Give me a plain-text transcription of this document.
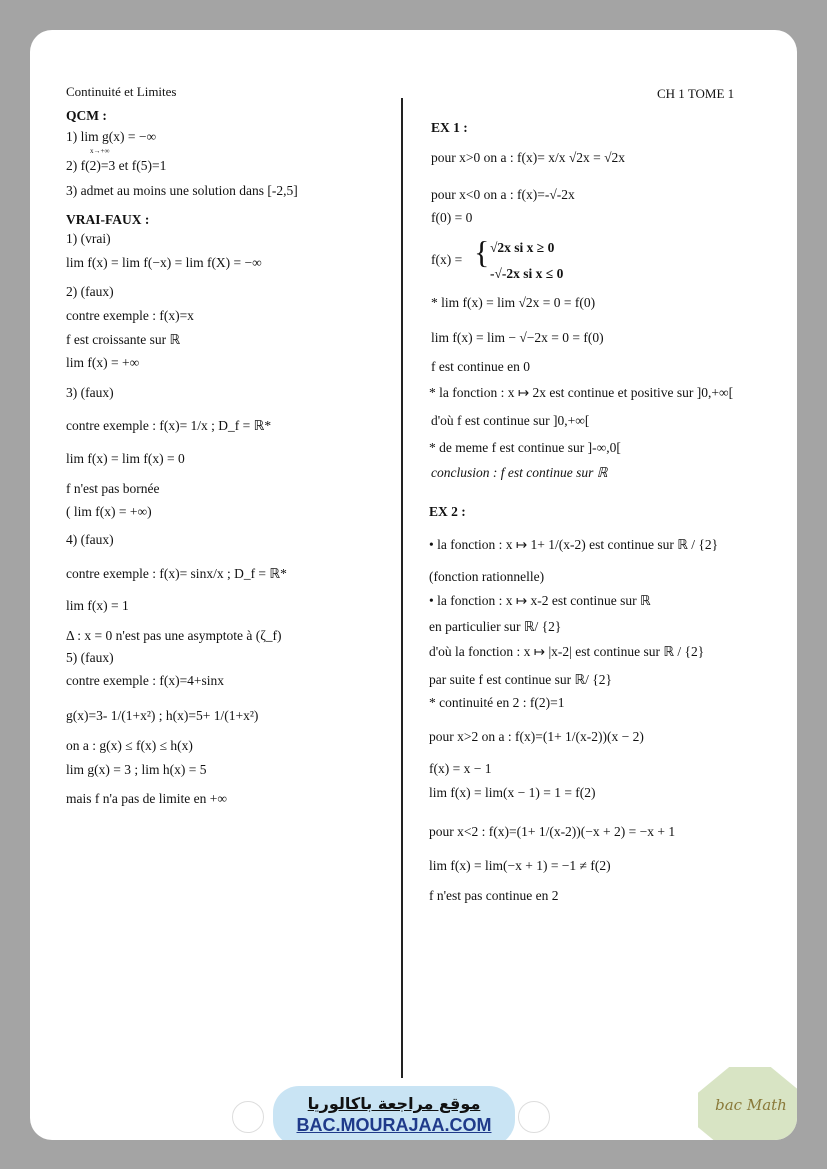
Continuité et Limites	CH 1 TOME 1
QCM :
1) lim g(x) = −∞
x→+∞
2) f(2)=3 et f(5)=1
3) admet au moins une solution dans [-2,5]
VRAI-FAUX :
1) (vrai)
lim f(x) = lim f(−x) = lim f(X) = −∞
2) (faux)
contre exemple : f(x)=x
f est croissante sur ℝ
lim f(x) = +∞
3) (faux)
contre exemple : f(x)= 1/x ; D_f = ℝ*
lim f(x) = lim f(x) = 0
f n'est pas bornée
( lim f(x) = +∞)
4) (faux)
contre exemple : f(x)= sinx/x ; D_f = ℝ*
lim f(x) = 1
Δ : x = 0 n'est pas une asymptote à (ζ_f)
5) (faux)
contre exemple : f(x)=4+sinx
g(x)=3- 1/(1+x²) ; h(x)=5+ 1/(1+x²)
on a : g(x) ≤ f(x) ≤ h(x)
lim g(x) = 3 ; lim h(x) = 5
mais f n'a pas de limite en +∞
EX 1 :
pour x>0 on a : f(x)= x/x √2x = √2x
pour x<0 on a : f(x)=-√-2x
f(0) = 0
f(x) = { √2x si x ≥ 0
-√-2x si x ≤ 0
* lim f(x) = lim √2x = 0 = f(0)
lim f(x) = lim − √−2x = 0 = f(0)
f est continue en 0
* la fonction : x ↦ 2x est continue et positive sur ]0,+∞[
d'où f est continue sur ]0,+∞[
* de meme f est continue sur ]-∞,0[
conclusion : f est continue sur ℝ
EX 2 :
• la fonction : x ↦ 1+ 1/(x-2) est continue sur ℝ / {2}
(fonction rationnelle)
• la fonction : x ↦ x-2 est continue sur ℝ
en particulier sur ℝ/ {2}
d'où la fonction : x ↦ |x-2| est continue sur ℝ / {2}
par suite f est continue sur ℝ/ {2}
* continuité en 2 : f(2)=1
pour x>2 on a : f(x)=(1+ 1/(x-2))(x − 2)
f(x) = x − 1
lim f(x) = lim(x − 1) = 1 = f(2)
pour x<2 : f(x)=(1+ 1/(x-2))(−x + 2) = −x + 1
lim f(x) = lim(−x + 1) = −1 ≠ f(2)
f n'est pas continue en 2
موقع مراجعة باكالوريا
BAC.MOURAJAA.COM
bac Math
